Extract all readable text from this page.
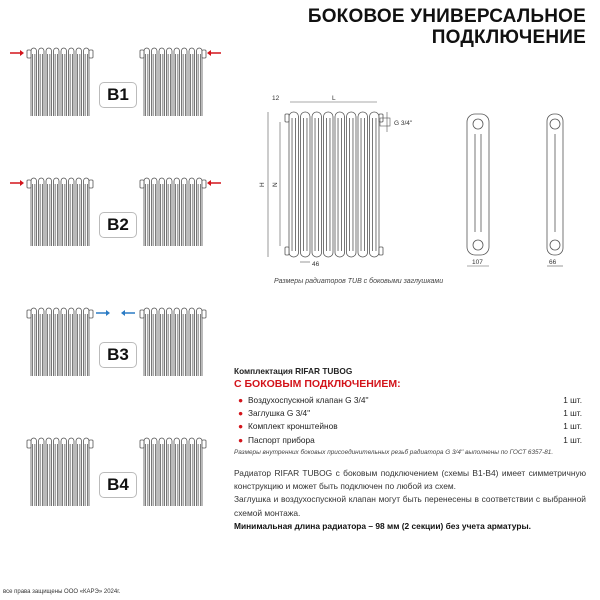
БОКОВОЕ УНИВЕРСАЛЬНОЕ
ПОДКЛЮЧЕНИЕ
B1
B2
B3
B4
12	L
H N
46
G 3/4''
107	66
Размеры радиаторов TUB с боковыми заглушками
Комплектация RIFAR TUBOG
С БОКОВЫМ ПОДКЛЮЧЕНИЕМ:
● Воздухоспускной клапан G 3/4''	1 шт.
● Заглушка G 3/4''	1 шт.
● Комплект кронштейнов	1 шт.
● Паспорт прибора	1 шт.
Размеры внутренних боковых присоединительных резьб радиатора G 3/4'' выполнены по ГОСТ 6357-81.
Радиатор RIFAR TUBOG с боковым подключением (схемы В1-В4) имеет симметричную конструкцию и может быть подключен по любой из схем.
Заглушка и воздухоспускной клапан могут быть перенесены в соответствии с выбранной схемой монтажа.
Минимальная длина радиатора – 98 мм (2 секции) без учета арматуры.
все права защищены ООО «КАРЭ» 2024г.
